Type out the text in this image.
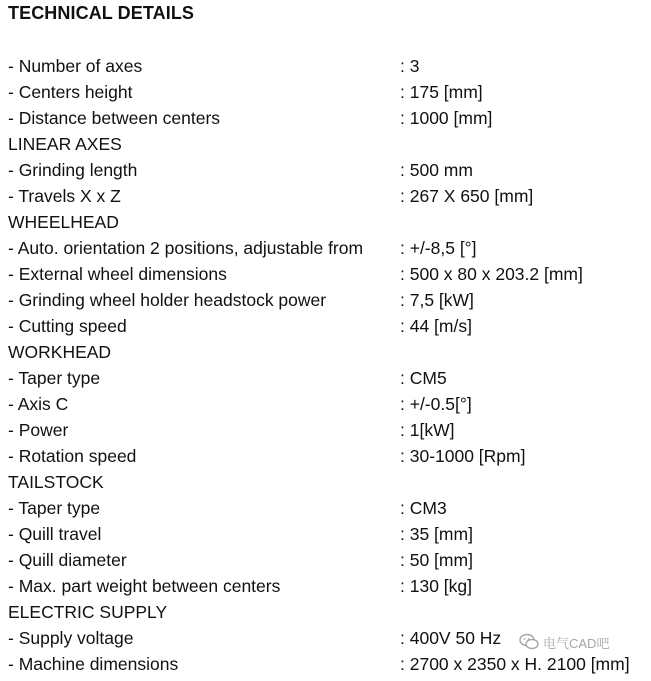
TECHNICAL DETAILS
- Number of axes	: 3
- Centers height	: 175 [mm]
- Distance between centers	: 1000 [mm]
LINEAR AXES
- Grinding length	: 500 mm
- Travels X x Z	: 267 X 650 [mm]
WHEELHEAD
- Auto. orientation 2 positions, adjustable from : +/-8,5 [°]
- External wheel dimensions	: 500 x 80 x 203.2 [mm]
- Grinding wheel holder headstock power	: 7,5 [kW]
- Cutting speed	: 44 [m/s]
WORKHEAD
- Taper type	: CM5
- Axis C	: +/-0.5[°]
- Power	: 1[kW]
- Rotation speed	: 30-1000 [Rpm]
TAILSTOCK
- Taper type	: CM3
- Quill travel	: 35 [mm]
- Quill diameter	: 50 [mm]
- Max. part weight between centers	: 130 [kg]
ELECTRIC SUPPLY
- Supply voltage	: 400V 50 Hz
- Machine dimensions	: 2700 x 2350 x H. 2100 [mm]
电气CAD吧
